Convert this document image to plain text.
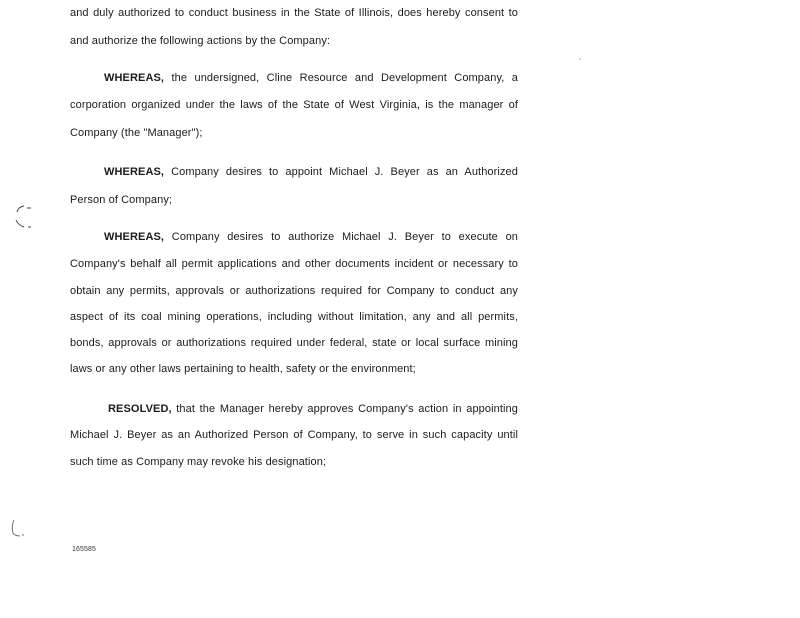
and duly authorized to conduct business in the State of Illinois, does hereby consent to
and authorize the following actions by the Company:
WHEREAS, the undersigned, Cline Resource and Development Company, a
corporation organized under the laws of the State of West Virginia, is the manager of
Company (the "Manager");
WHEREAS, Company desires to appoint Michael J. Beyer as an Authorized
Person of Company;
WHEREAS, Company desires to authorize Michael J. Beyer to execute on
Company's behalf all permit applications and other documents incident or necessary to
obtain any permits, approvals or authorizations required for Company to conduct any
aspect of its coal mining operations, including without limitation, any and all permits,
bonds, approvals or authorizations required under federal, state or local surface mining
laws or any other laws pertaining to health, safety or the environment;
RESOLVED, that the Manager hereby approves Company's action in appointing
Michael J. Beyer as an Authorized Person of Company, to serve in such capacity until
such time as Company may revoke his designation;
165585
